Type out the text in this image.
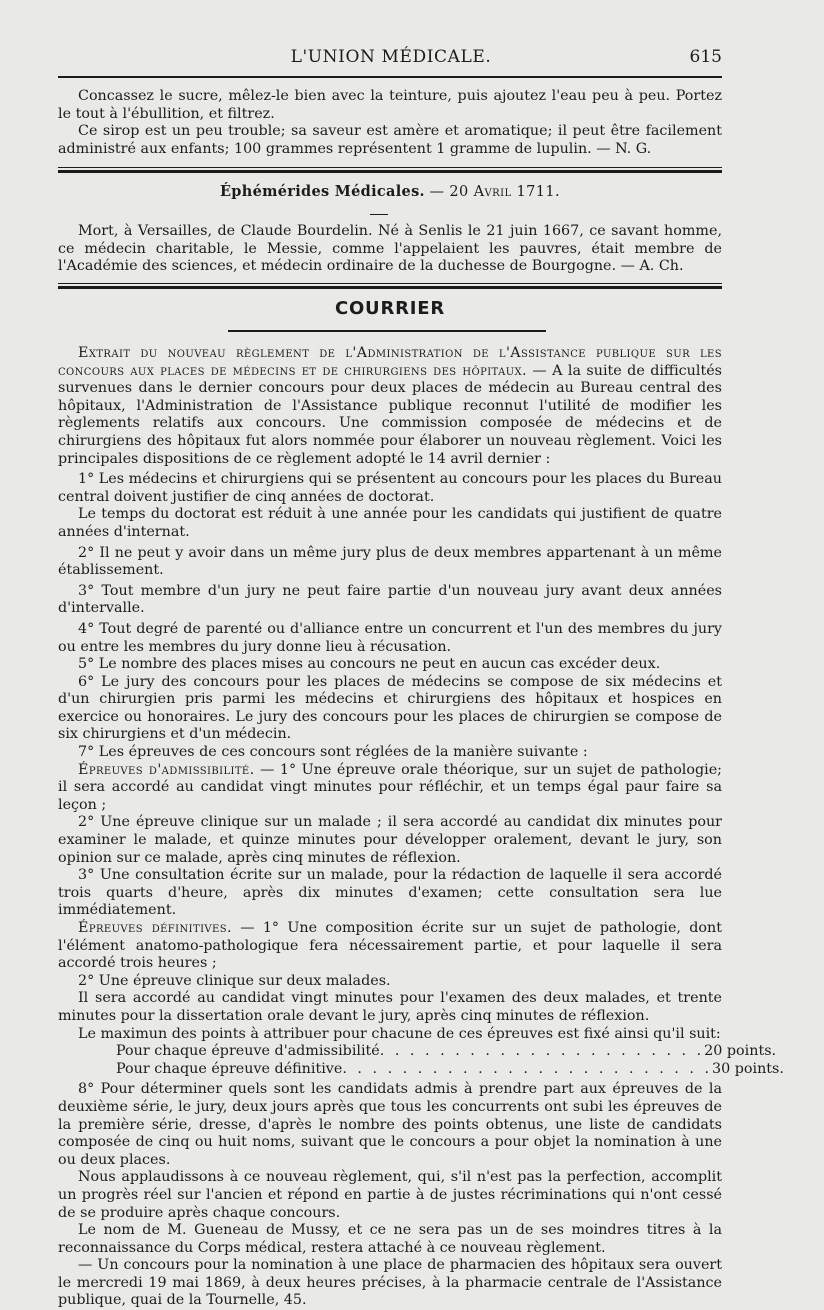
L'UNION MÉDICALE.	615

Concassez le sucre, mêlez-le bien avec la teinture, puis ajoutez l'eau peu à peu. Portez le tout à l'ébullition, et filtrez.

Ce sirop est un peu trouble; sa saveur est amère et aromatique; il peut être facilement administré aux enfants; 100 grammes représentent 1 gramme de lupulin. — N. G.

Éphémérides Médicales. — 20 Avril 1711.

Mort, à Versailles, de Claude Bourdelin. Né à Senlis le 21 juin 1667, ce savant homme, ce médecin charitable, le Messie, comme l'appelaient les pauvres, était membre de l'Académie des sciences, et médecin ordinaire de la duchesse de Bourgogne. — A. Ch.

COURRIER

Extrait du nouveau règlement de l'Administration de l'Assistance publique sur les concours aux places de médecins et de chirurgiens des hôpitaux. — A la suite de difficultés survenues dans le dernier concours pour deux places de médecin au Bureau central des hôpitaux, l'Administration de l'Assistance publique reconnut l'utilité de modifier les règlements relatifs aux concours. Une commission composée de médecins et de chirurgiens des hôpitaux fut alors nommée pour élaborer un nouveau règlement. Voici les principales dispositions de ce règlement adopté le 14 avril dernier :

1° Les médecins et chirurgiens qui se présentent au concours pour les places du Bureau central doivent justifier de cinq années de doctorat.

Le temps du doctorat est réduit à une année pour les candidats qui justifient de quatre années d'internat.

2° Il ne peut y avoir dans un même jury plus de deux membres appartenant à un même établissement.

3° Tout membre d'un jury ne peut faire partie d'un nouveau jury avant deux années d'intervalle.

4° Tout degré de parenté ou d'alliance entre un concurrent et l'un des membres du jury ou entre les membres du jury donne lieu à récusation.

5° Le nombre des places mises au concours ne peut en aucun cas excéder deux.

6° Le jury des concours pour les places de médecins se compose de six médecins et d'un chirurgien pris parmi les médecins et chirurgiens des hôpitaux et hospices en exercice ou honoraires. Le jury des concours pour les places de chirurgien se compose de six chirurgiens et d'un médecin.

7° Les épreuves de ces concours sont réglées de la manière suivante :

Épreuves d'admissibilité. — 1° Une épreuve orale théorique, sur un sujet de pathologie; il sera accordé au candidat vingt minutes pour réfléchir, et un temps égal paur faire sa leçon ;

2° Une épreuve clinique sur un malade ; il sera accordé au candidat dix minutes pour examiner le malade, et quinze minutes pour développer oralement, devant le jury, son opinion sur ce malade, après cinq minutes de réflexion.

3° Une consultation écrite sur un malade, pour la rédaction de laquelle il sera accordé trois quarts d'heure, après dix minutes d'examen; cette consultation sera lue immédiatement.

Épreuves définitives. — 1° Une composition écrite sur un sujet de pathologie, dont l'élément anatomo-pathologique fera nécessairement partie, et pour laquelle il sera accordé trois heures ;

2° Une épreuve clinique sur deux malades.

Il sera accordé au candidat vingt minutes pour l'examen des deux malades, et trente minutes pour la dissertation orale devant le jury, après cinq minutes de réflexion.

Le maximun des points à attribuer pour chacune de ces épreuves est fixé ainsi qu'il suit:

Pour chaque épreuve d'admissibilité . . . . . . . . . . . . . . . . . . . . . . 20 points.
Pour chaque épreuve définitive . . . . . . . . . . . . . . . . . . . . . . . . . 30 points.

8° Pour déterminer quels sont les candidats admis à prendre part aux épreuves de la deuxième série, le jury, deux jours après que tous les concurrents ont subi les épreuves de la première série, dresse, d'après le nombre des points obtenus, une liste de candidats composée de cinq ou huit noms, suivant que le concours a pour objet la nomination à une ou deux places.

Nous applaudissons à ce nouveau règlement, qui, s'il n'est pas la perfection, accomplit un progrès réel sur l'ancien et répond en partie à de justes récriminations qui n'ont cessé de se produire après chaque concours.

Le nom de M. Gueneau de Mussy, et ce ne sera pas un de ses moindres titres à la reconnaissance du Corps médical, restera attaché à ce nouveau règlement.

— Un concours pour la nomination à une place de pharmacien des hôpitaux sera ouvert le mercredi 19 mai 1869, à deux heures précises, à la pharmacie centrale de l'Assistance publique, quai de la Tournelle, 45.
